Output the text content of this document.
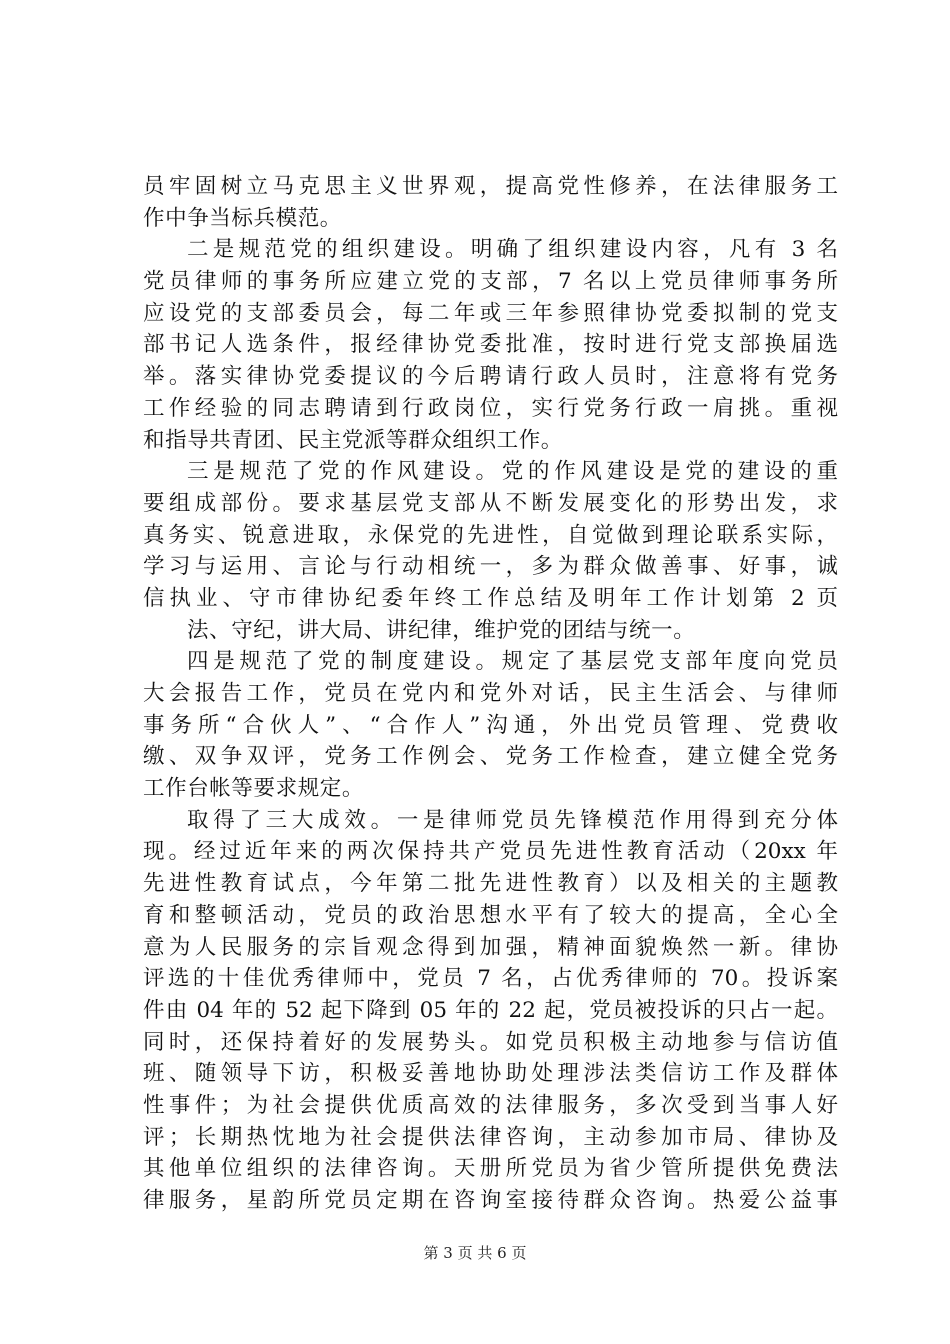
员牢固树立马克思主义世界观，提高党性修养，在法律服务工
作中争当标兵模范。
二是规范党的组织建设。明确了组织建设内容，凡有 3 名
党员律师的事务所应建立党的支部，7 名以上党员律师事务所
应设党的支部委员会，每二年或三年参照律协党委拟制的党支
部书记人选条件，报经律协党委批准，按时进行党支部换届选
举。落实律协党委提议的今后聘请行政人员时，注意将有党务
工作经验的同志聘请到行政岗位，实行党务行政一肩挑。重视
和指导共青团、民主党派等群众组织工作。
三是规范了党的作风建设。党的作风建设是党的建设的重
要组成部份。要求基层党支部从不断发展变化的形势出发，求
真务实、锐意进取，永保党的先进性，自觉做到理论联系实际，
学习与运用、言论与行动相统一，多为群众做善事、好事，诚
信执业、守市律协纪委年终工作总结及明年工作计划第 2 页
法、守纪，讲大局、讲纪律，维护党的团结与统一。
四是规范了党的制度建设。规定了基层党支部年度向党员
大会报告工作，党员在党内和党外对话，民主生活会、与律师
事务所“合伙人”、“合作人”沟通，外出党员管理、党费收
缴、双争双评，党务工作例会、党务工作检查，建立健全党务
工作台帐等要求规定。
取得了三大成效。一是律师党员先锋模范作用得到充分体
现。经过近年来的两次保持共产党员先进性教育活动（20xx 年
先进性教育试点，今年第二批先进性教育）以及相关的主题教
育和整顿活动，党员的政治思想水平有了较大的提高，全心全
意为人民服务的宗旨观念得到加强，精神面貌焕然一新。律协
评选的十佳优秀律师中，党员 7 名，占优秀律师的 70。投诉案
件由 04 年的 52 起下降到 05 年的 22 起，党员被投诉的只占一起。
同时，还保持着好的发展势头。如党员积极主动地参与信访值
班、随领导下访，积极妥善地协助处理涉法类信访工作及群体
性事件；为社会提供优质高效的法律服务，多次受到当事人好
评；长期热忱地为社会提供法律咨询，主动参加市局、律协及
其他单位组织的法律咨询。天册所党员为省少管所提供免费法
律服务，星韵所党员定期在咨询室接待群众咨询。热爱公益事
第 3 页 共 6 页
